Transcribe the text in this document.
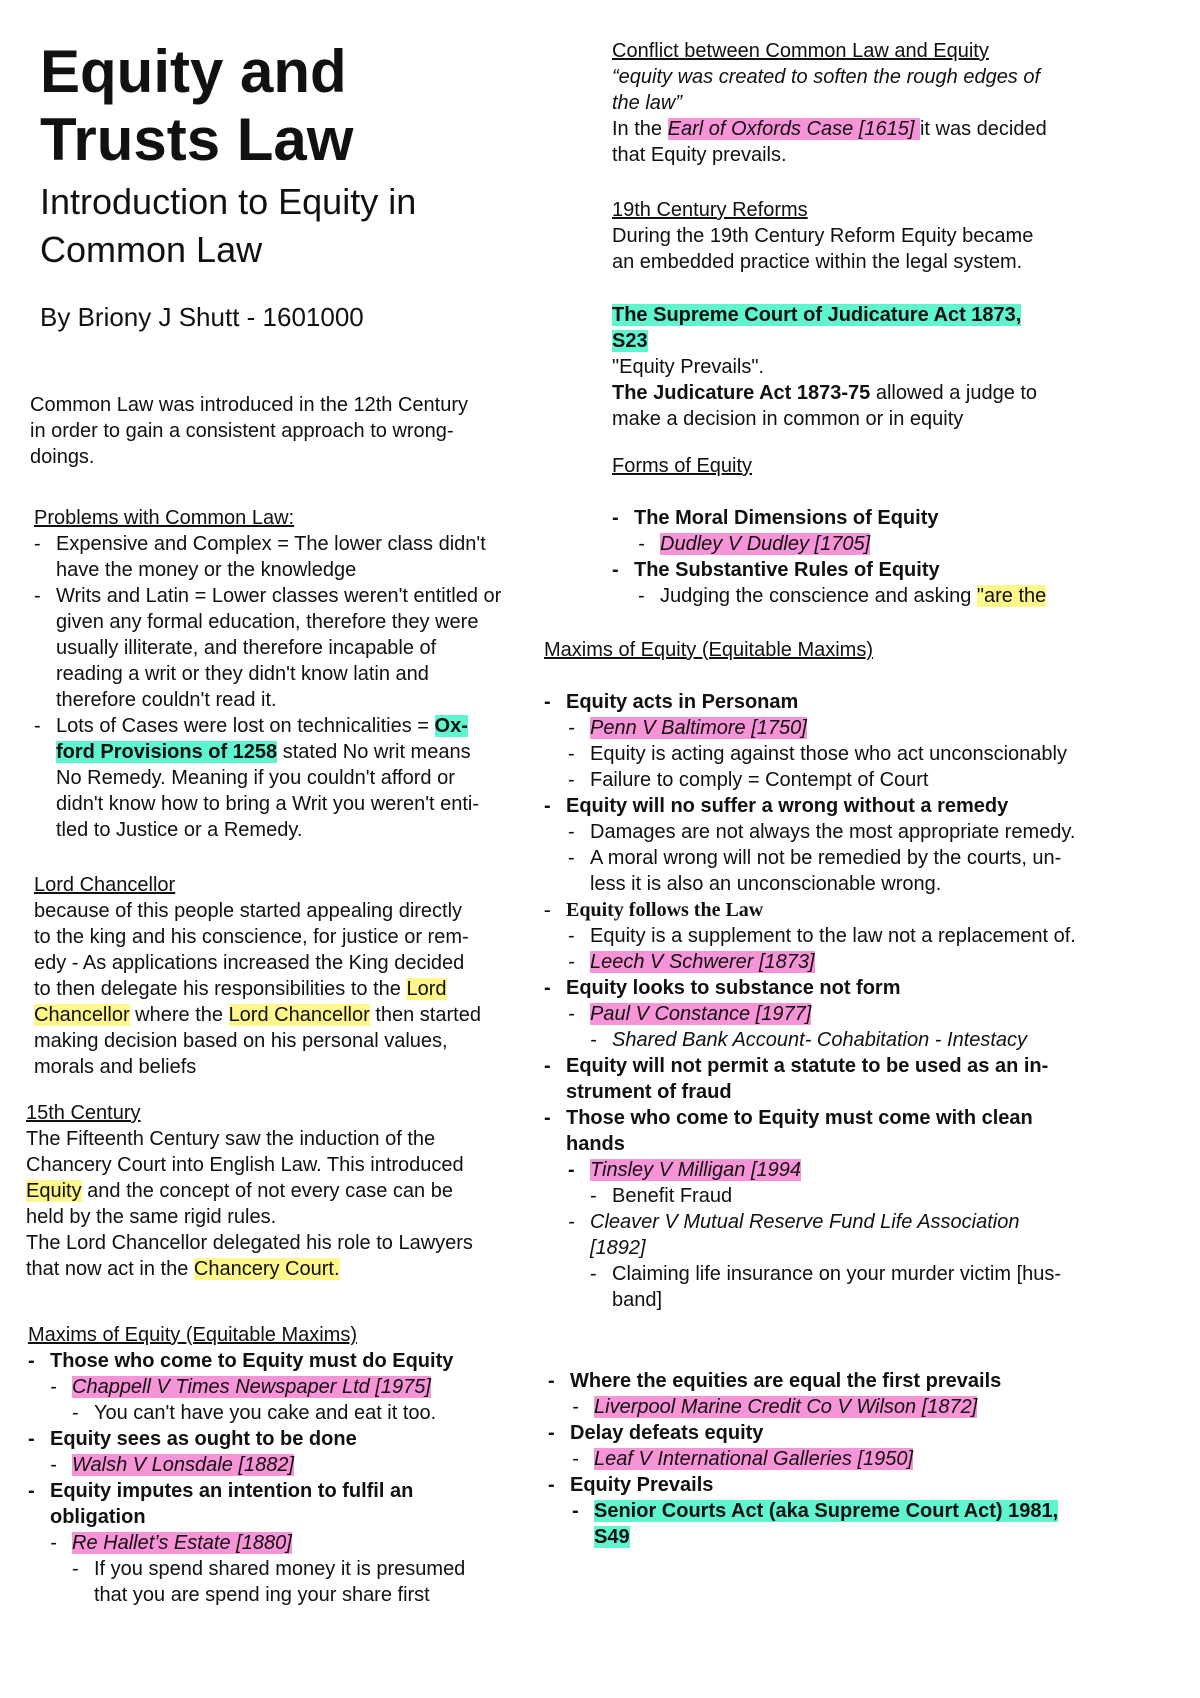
Equity and

Trusts Law

Introduction to Equity in

Common Law

By Briony J Shutt - 1601000

Common Law was introduced in the 12th Century

in order to gain a consistent approach to wrong-

doings.

Problems with Common Law:

- Expensive and Complex = The lower class didn't

have the money or the knowledge

- Writs and Latin = Lower classes weren't entitled or

given any formal education, therefore they were

usually illiterate, and therefore incapable of

reading a writ or they didn't know latin and

therefore couldn't read it.

- Lots of Cases were lost on technicalities = Ox-

ford Provisions of 1258 stated No writ means

No Remedy. Meaning if you couldn't afford or

didn't know how to bring a Writ you weren't enti-

tled to Justice or a Remedy.

Lord Chancellor

because of this people started appealing directly

to the king and his conscience, for justice or rem-

edy - As applications increased the King decided

to then delegate his responsibilities to the Lord

Chancellor where the Lord Chancellor then started

making decision based on his personal values,

morals and beliefs

15th Century

The Fifteenth Century saw the induction of the

Chancery Court into English Law. This introduced

Equity and the concept of not every case can be

held by the same rigid rules.

The Lord Chancellor delegated his role to Lawyers

that now act in the Chancery Court.

Maxims of Equity (Equitable Maxims)

- Those who come to Equity must do Equity

- Chappell V Times Newspaper Ltd [1975]

- You can't have you cake and eat it too.

- Equity sees as ought to be done

- Walsh V Lonsdale [1882]

- Equity imputes an intention to fulfil an

obligation

- Re Hallet’s Estate [1880]

- If you spend shared money it is presumed

that you are spend ing your share first

Conflict between Common Law and Equity

“equity was created to soften the rough edges of

the law”

In the Earl of Oxfords Case [1615] it was decided

that Equity prevails.

19th Century Reforms

During the 19th Century Reform Equity became

an embedded practice within the legal system.

The Supreme Court of Judicature Act 1873,

S23

"Equity Prevails".

The Judicature Act 1873-75 allowed a judge to

make a decision in common or in equity

Forms of Equity

- The Moral Dimensions of Equity

- Dudley V Dudley [1705]

- The Substantive Rules of Equity

- Judging the conscience and asking "are the

Maxims of Equity (Equitable Maxims)

- Equity acts in Personam

- Penn V Baltimore [1750]

- Equity is acting against those who act unconscionably

- Failure to comply = Contempt of Court

- Equity will no suffer a wrong without a remedy

- Damages are not always the most appropriate remedy.

- A moral wrong will not be remedied by the courts, un-

less it is also an unconscionable wrong.

- Equity follows the Law

- Equity is a supplement to the law not a replacement of.

- Leech V Schwerer [1873]

- Equity looks to substance not form

- Paul V Constance [1977]

- Shared Bank Account- Cohabitation - Intestacy

- Equity will not permit a statute to be used as an in-

strument of fraud

- Those who come to Equity must come with clean

hands

- Tinsley V Milligan [1994

- Benefit Fraud

- Cleaver V Mutual Reserve Fund Life Association

[1892]

- Claiming life insurance on your murder victim [hus-

band]

- Where the equities are equal the first prevails

- Liverpool Marine Credit Co V Wilson [1872]

- Delay defeats equity

- Leaf V International Galleries [1950]

- Equity Prevails

- Senior Courts Act (aka Supreme Court Act) 1981,

S49
